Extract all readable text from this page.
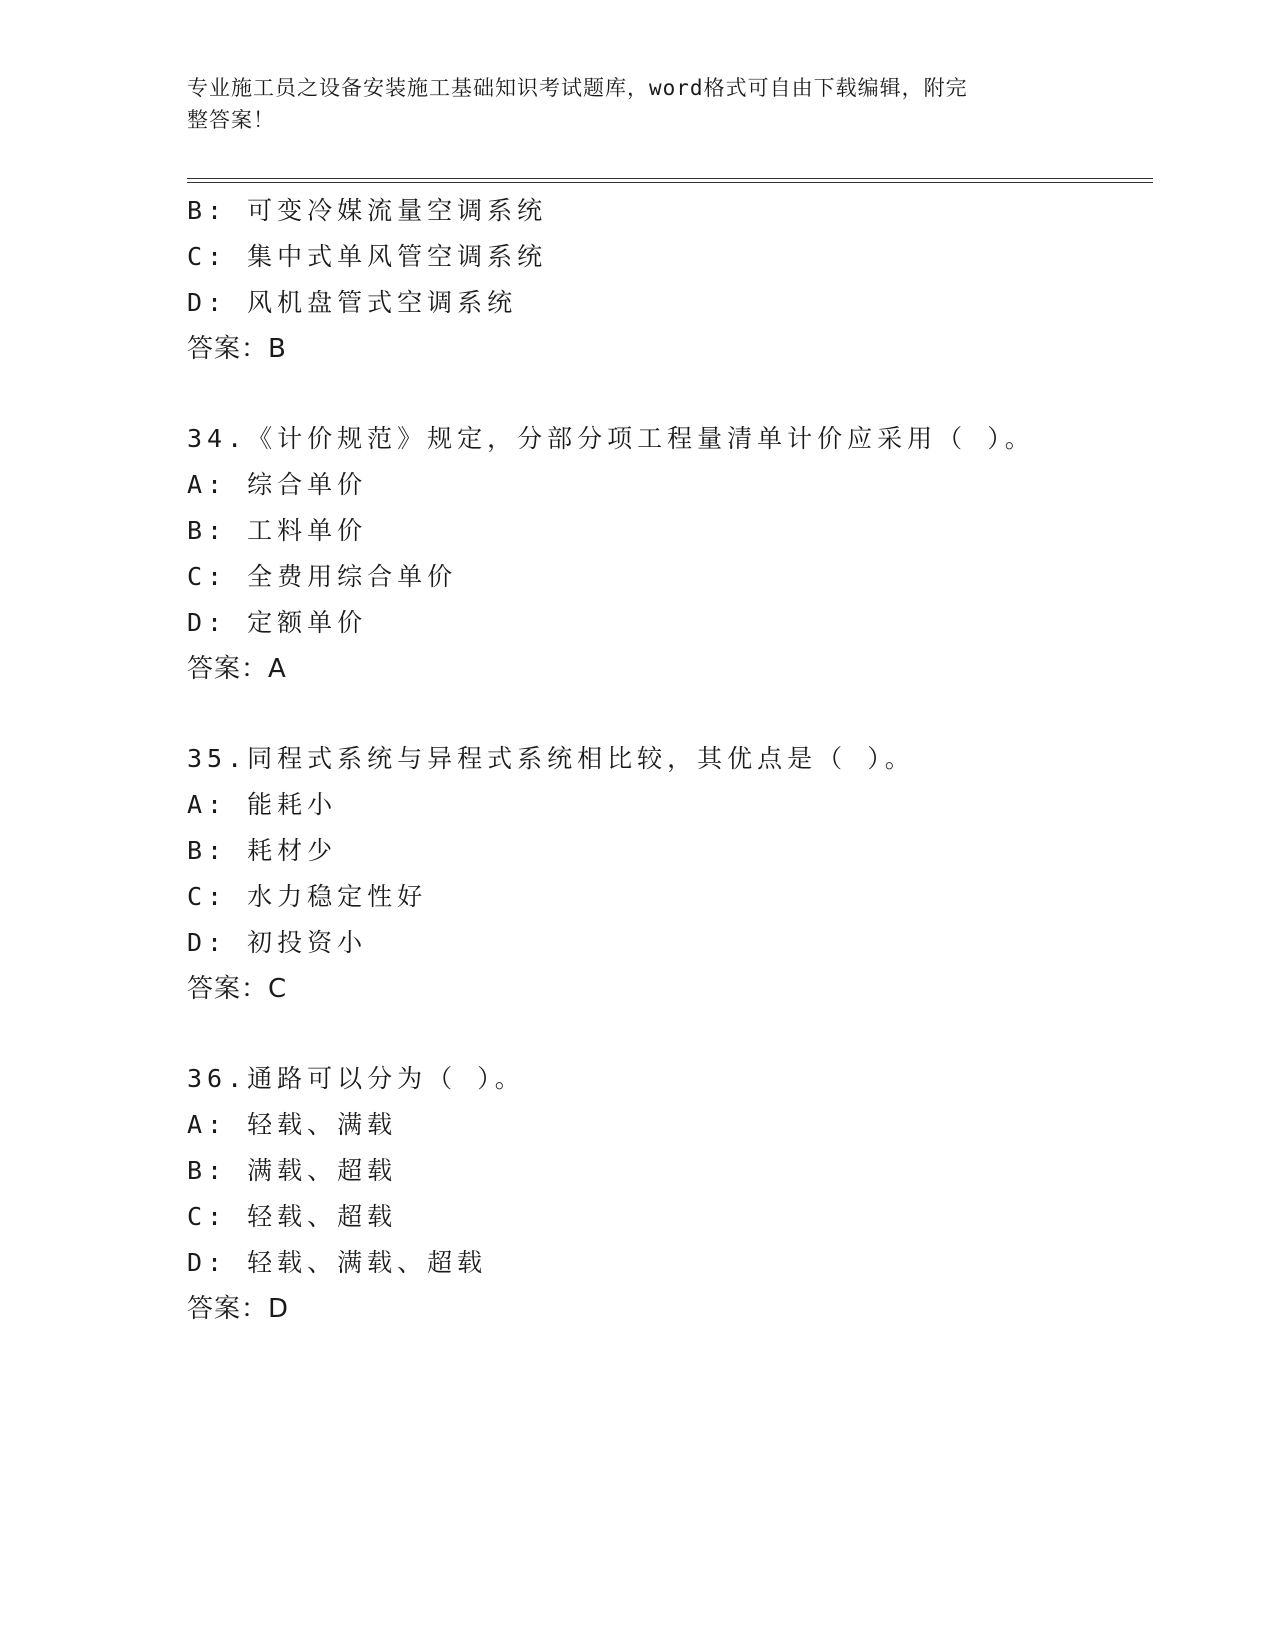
专业施工员之设备安装施工基础知识考试题库，word格式可自由下载编辑，附完
整答案！
B: 可变冷媒流量空调系统
C: 集中式单风管空调系统
D: 风机盘管式空调系统
答案：B
34.《计价规范》规定，分部分项工程量清单计价应采用（ ）。
A: 综合单价
B: 工料单价
C: 全费用综合单价
D: 定额单价
答案：A
35.同程式系统与异程式系统相比较，其优点是（ ）。
A: 能耗小
B: 耗材少
C: 水力稳定性好
D: 初投资小
答案：C
36.通路可以分为（ ）。
A: 轻载、满载
B: 满载、超载
C: 轻载、超载
D: 轻载、满载、超载
答案：D
